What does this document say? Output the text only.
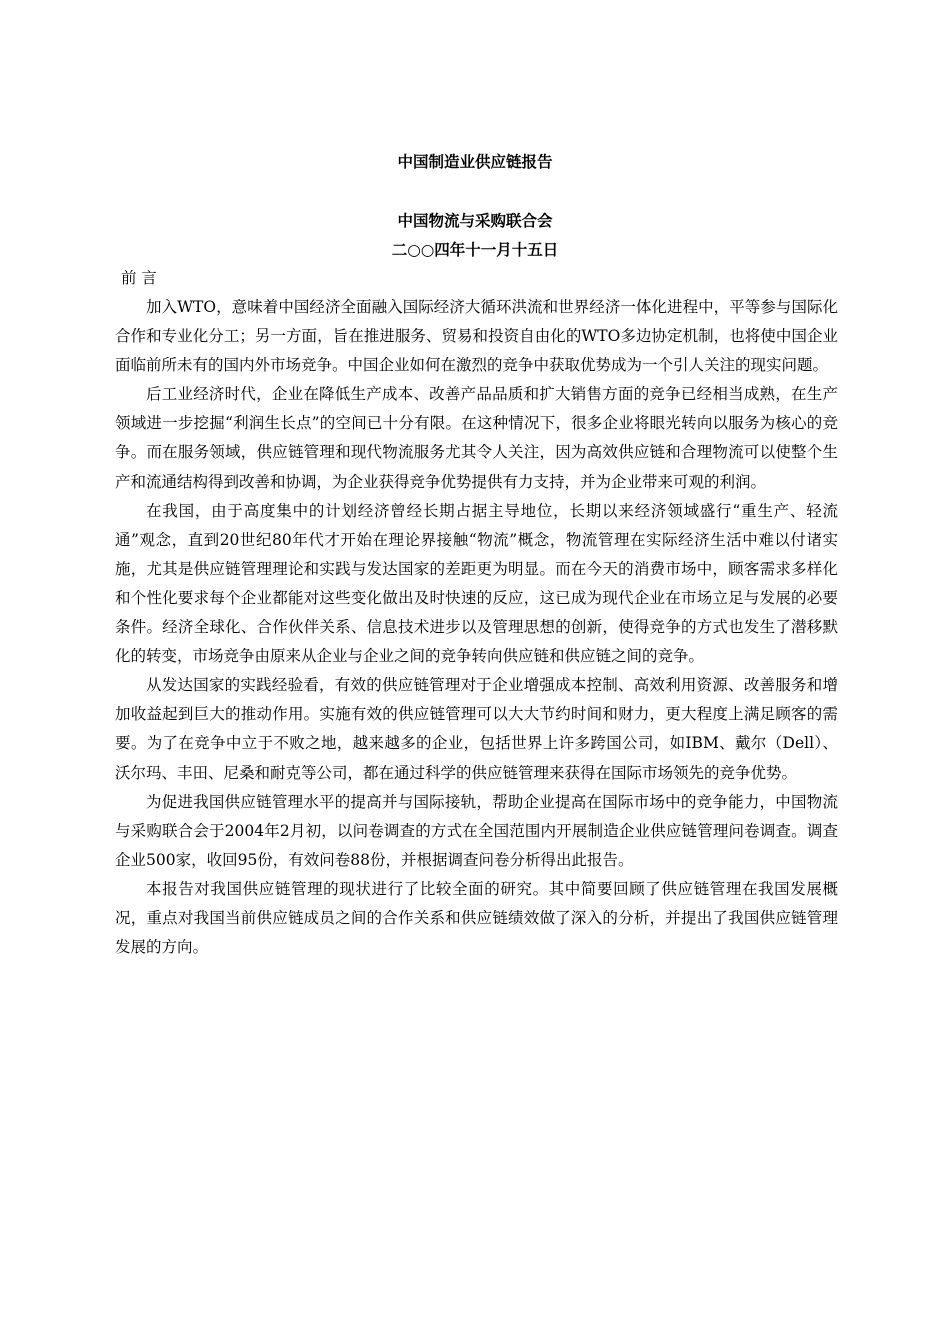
中国制造业供应链报告
中国物流与采购联合会
二○○四年十一月十五日
前 言

加入WTO，意味着中国经济全面融入国际经济大循环洪流和世界经济一体化进程中，平等参与国际化合作和专业化分工；另一方面，旨在推进服务、贸易和投资自由化的WTO多边协定机制，也将使中国企业面临前所未有的国内外市场竞争。中国企业如何在激烈的竞争中获取优势成为一个引人关注的现实问题。

后工业经济时代，企业在降低生产成本、改善产品品质和扩大销售方面的竞争已经相当成熟，在生产领域进一步挖掘“利润生长点”的空间已十分有限。在这种情况下，很多企业将眼光转向以服务为核心的竞争。而在服务领域，供应链管理和现代物流服务尤其令人关注，因为高效供应链和合理物流可以使整个生产和流通结构得到改善和协调，为企业获得竞争优势提供有力支持，并为企业带来可观的利润。

在我国，由于高度集中的计划经济曾经长期占据主导地位，长期以来经济领域盛行“重生产、轻流通”观念，直到20世纪80年代才开始在理论界接触“物流”概念，物流管理在实际经济生活中难以付诸实施，尤其是供应链管理理论和实践与发达国家的差距更为明显。而在今天的消费市场中，顾客需求多样化和个性化要求每个企业都能对这些变化做出及时快速的反应，这已成为现代企业在市场立足与发展的必要条件。经济全球化、合作伙伴关系、信息技术进步以及管理思想的创新，使得竞争的方式也发生了潜移默化的转变，市场竞争由原来从企业与企业之间的竞争转向供应链和供应链之间的竞争。

从发达国家的实践经验看，有效的供应链管理对于企业增强成本控制、高效利用资源、改善服务和增加收益起到巨大的推动作用。实施有效的供应链管理可以大大节约时间和财力，更大程度上满足顾客的需要。为了在竞争中立于不败之地，越来越多的企业，包括世界上许多跨国公司，如IBM、戴尔（Dell）、沃尔玛、丰田、尼桑和耐克等公司，都在通过科学的供应链管理来获得在国际市场领先的竞争优势。

为促进我国供应链管理水平的提高并与国际接轨，帮助企业提高在国际市场中的竞争能力，中国物流与采购联合会于2004年2月初，以问卷调查的方式在全国范围内开展制造企业供应链管理问卷调查。调查企业500家，收回95份，有效问卷88份，并根据调查问卷分析得出此报告。

本报告对我国供应链管理的现状进行了比较全面的研究。其中简要回顾了供应链管理在我国发展概况，重点对我国当前供应链成员之间的合作关系和供应链绩效做了深入的分析，并提出了我国供应链管理发展的方向。
